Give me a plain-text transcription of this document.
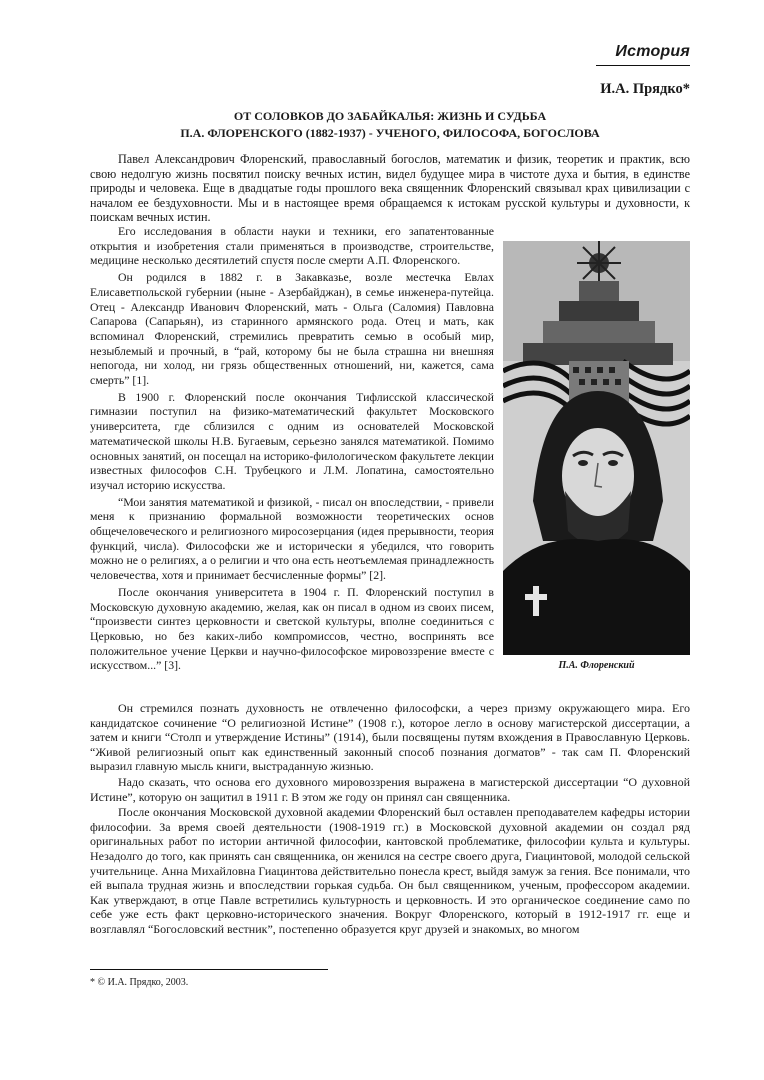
История
И.А. Прядко*
ОТ СОЛОВКОВ ДО ЗАБАЙКАЛЬЯ: ЖИЗНЬ И СУДЬБА
П.А. ФЛОРЕНСКОГО (1882-1937) - УЧЕНОГО, ФИЛОСОФА, БОГОСЛОВА

Павел Александрович Флоренский, православный богослов, математик и физик, теоретик и практик, всю свою недолгую жизнь посвятил поиску вечных истин, видел будущее мира в чистоте духа и бытия, в единстве природы и человека. Еще в двадцатые годы прошлого века священник Флоренский связывал крах цивилизации с началом ее бездуховности. Мы и в настоящее время обращаемся к истокам русской культуры и духовности, к поискам вечных истин.

Его исследования в области науки и техники, его запатентованные открытия и изобретения стали применяться в производстве, строительстве, медицине несколько десятилетий спустя после смерти А.П. Флоренского.

Он родился в 1882 г. в Закавказье, возле местечка Евлах Елисаветпольской губернии (ныне - Азербайджан), в семье инженера-путейца. Отец - Александр Иванович Флоренский, мать - Ольга (Саломия) Павловна Сапарова (Сапарьян), из старинного армянского рода. Отец и мать, как вспоминал Флоренский, стремились превратить семью в особый мир, незыблемый и прочный, в “рай, которому бы не была страшна ни внешняя непогода, ни холод, ни грязь общественных отношений, ни, кажется, сама смерть” [1].

В 1900 г. Флоренский после окончания Тифлисской классической гимназии поступил на физико-математический факультет Московского университета, где сблизился с одним из основателей Московской математической школы Н.В. Бугаевым, серьезно занялся математикой. Помимо основных занятий, он посещал на историко-филологическом факультете лекции известных философов С.Н. Трубецкого и Л.М. Лопатина, самостоятельно изучал историю искусства.

“Мои занятия математикой и физикой, - писал он впоследствии, - привели меня к признанию формальной возможности теоретических основ общечеловеческого и религиозного миросозерцания (идея прерывности, теория функций, числа). Философски же и исторически я убедился, что говорить можно не о религиях, а о религии и что она есть неотъемлемая принадлежность человечества, хотя и принимает бесчисленные формы” [2].

После окончания университета в 1904 г. П. Флоренский поступил в Московскую духовную академию, желая, как он писал в одном из своих писем, “произвести синтез церковности и светской культуры, вполне соединиться с Церковью, но без каких-либо компромиссов, честно, воспринять все положительное учение Церкви и научно-философское мировоззрение вместе с искусством...” [3].	П.А. Флоренский

Он стремился познать духовность не отвлеченно философски, а через призму окружающего мира. Его кандидатское сочинение “О религиозной Истине” (1908 г.), которое легло в основу магистерской диссертации, а затем и книги “Столп и утверждение Истины” (1914), были посвящены путям вхождения в Православную Церковь. “Живой религиозный опыт как единственный законный способ познания догматов” - так сам П. Флоренский выразил главную мысль книги, выстраданную жизнью.

Надо сказать, что основа его духовного мировоззрения выражена в магистерской диссертации “О духовной Истине”, которую он защитил в 1911 г. В этом же году он принял сан священника.

После окончания Московской духовной академии Флоренский был оставлен преподавателем кафедры истории философии. За время своей деятельности (1908-1919 гг.) в Московской духовной академии он создал ряд оригинальных работ по истории античной философии, кантовской проблематике, философии культа и культуры. Незадолго до того, как принять сан священника, он женился на сестре своего друга, Гиацинтовой, молодой сельской учительнице. Анна Михайловна Гиацинтова действительно понесла крест, выйдя замуж за гения. Все понимали, что ей выпала трудная жизнь и впоследствии горькая судьба. Он был священником, ученым, профессором академии. Как утверждают, в отце Павле встретились культурность и церковность. И это органическое соединение само по себе уже есть факт церковно-исторического значения. Вокруг Флоренского, который в 1912-1917 гг. еще и возглавлял “Богословский вестник”, постепенно образуется круг друзей и знакомых, во многом

* © И.А. Прядко, 2003.
